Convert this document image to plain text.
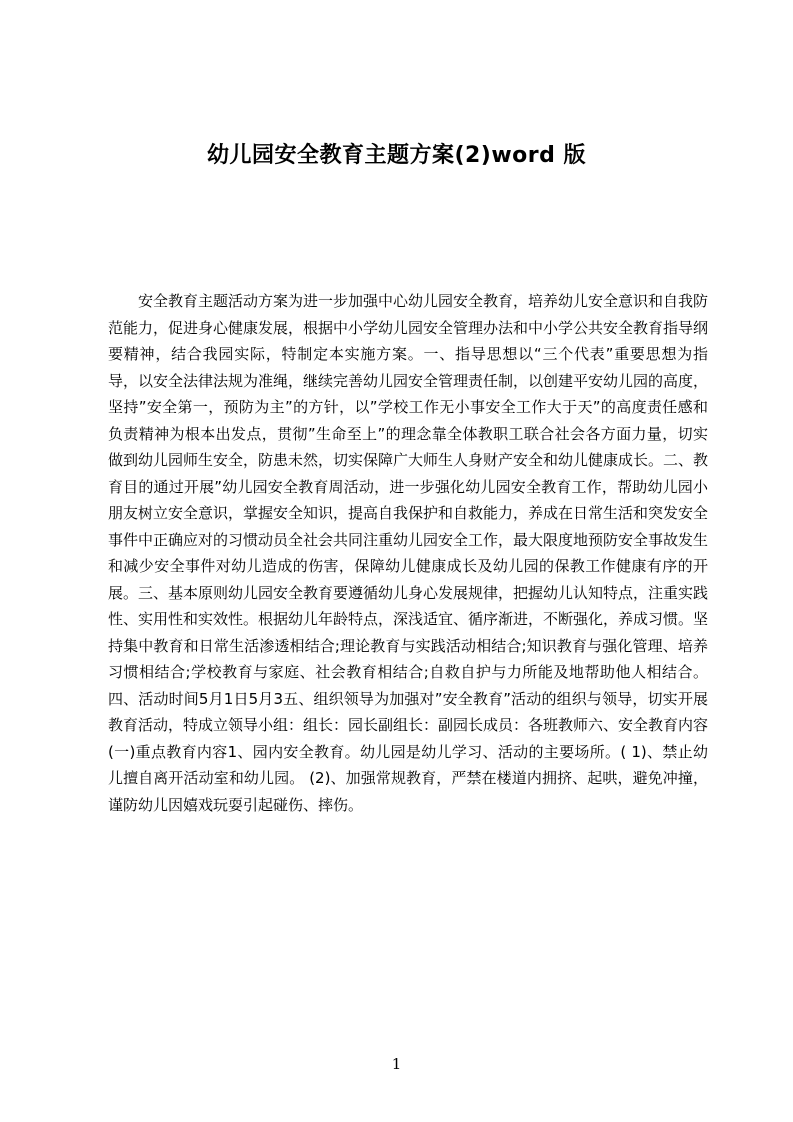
幼儿园安全教育主题方案(2)word 版

安全教育主题活动方案为进一步加强中心幼儿园安全教育，培养幼儿安全意识和自我防范能力，促进身心健康发展，根据中小学幼儿园安全管理办法和中小学公共安全教育指导纲要精神，结合我园实际，特制定本实施方案。一、指导思想以“三个代表”重要思想为指导，以安全法律法规为准绳，继续完善幼儿园安全管理责任制，以创建平安幼儿园的高度，坚持”安全第一，预防为主”的方针，以”学校工作无小事安全工作大于天”的高度责任感和负责精神为根本出发点，贯彻”生命至上”的理念靠全体教职工联合社会各方面力量，切实做到幼儿园师生安全，防患未然，切实保障广大师生人身财产安全和幼儿健康成长。二、教育目的通过开展”幼儿园安全教育周活动，进一步强化幼儿园安全教育工作，帮助幼儿园小朋友树立安全意识，掌握安全知识，提高自我保护和自救能力，养成在日常生活和突发安全事件中正确应对的习惯动员全社会共同注重幼儿园安全工作，最大限度地预防安全事故发生和减少安全事件对幼儿造成的伤害，保障幼儿健康成长及幼儿园的保教工作健康有序的开展。三、基本原则幼儿园安全教育要遵循幼儿身心发展规律，把握幼儿认知特点，注重实践性、实用性和实效性。根据幼儿年龄特点，深浅适宜、循序渐进，不断强化，养成习惯。坚持集中教育和日常生活渗透相结合;理论教育与实践活动相结合;知识教育与强化管理、培养习惯相结合;学校教育与家庭、社会教育相结合;自救自护与力所能及地帮助他人相结合。四、活动时间5月1日5月3五、组织领导为加强对”安全教育”活动的组织与领导，切实开展教育活动，特成立领导小组：组长：园长副组长：副园长成员：各班教师六、安全教育内容(一)重点教育内容1、园内安全教育。幼儿园是幼儿学习、活动的主要场所。( 1)、禁止幼儿擅自离开活动室和幼儿园。 (2)、加强常规教育，严禁在楼道内拥挤、起哄，避免冲撞，谨防幼儿因嬉戏玩耍引起碰伤、摔伤。

1
